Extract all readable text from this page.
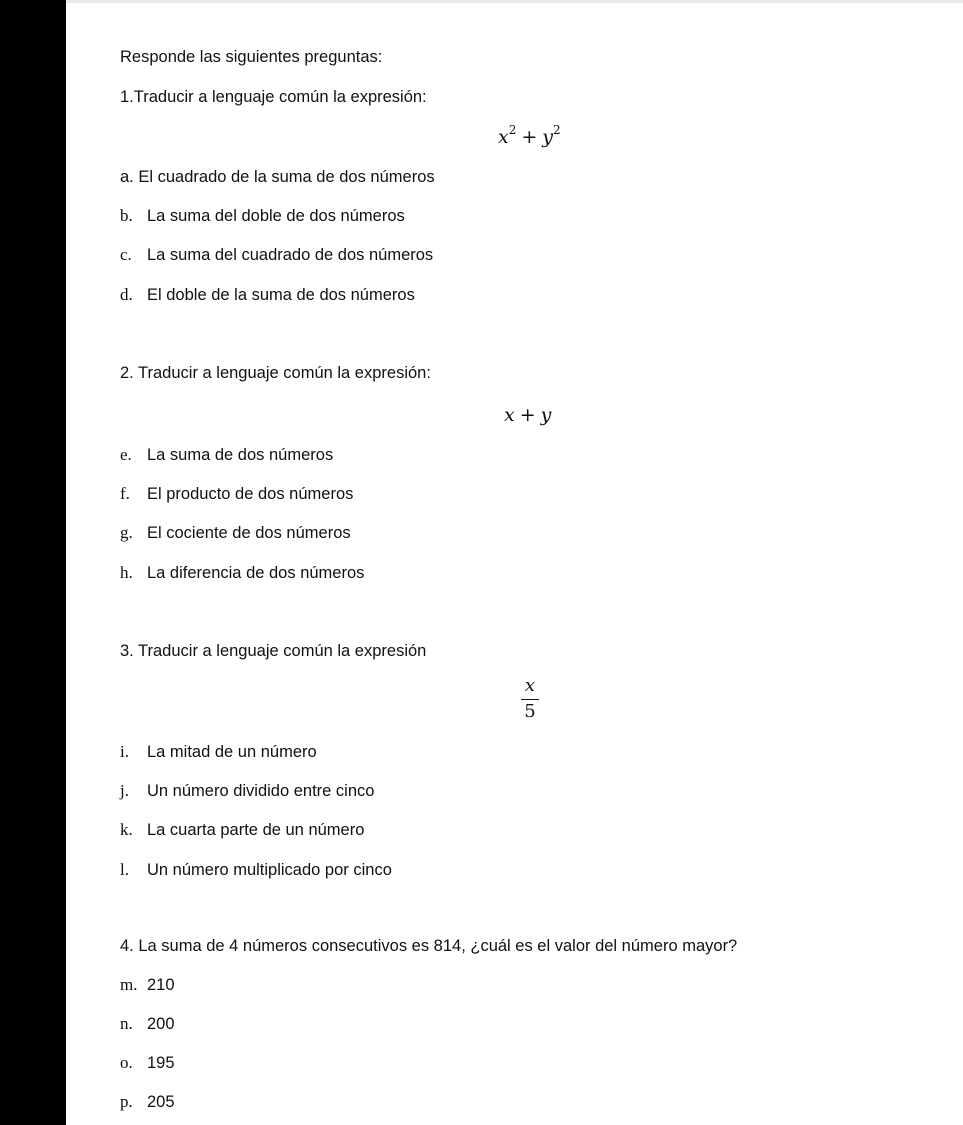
Responde las siguientes preguntas:
1.Traducir a lenguaje común la expresión:
$x^2 + y^2$
a. El cuadrado de la suma de dos números
b. La suma del doble de dos números
c. La suma del cuadrado de dos números
d. El doble de la suma de dos números
2. Traducir a lenguaje común la expresión:
x + y
e. La suma de dos números
f. El producto de dos números
g. El cociente de dos números
h. La diferencia de dos números
3. Traducir a lenguaje común la expresión
$\frac{x}{5}$
i. La mitad de un número
j. Un número dividido entre cinco
k. La cuarta parte de un número
l. Un número multiplicado por cinco
4. La suma de 4 números consecutivos es 814, ¿cuál es el valor del número mayor?
m. 210
n. 200
o. 195
p. 205
